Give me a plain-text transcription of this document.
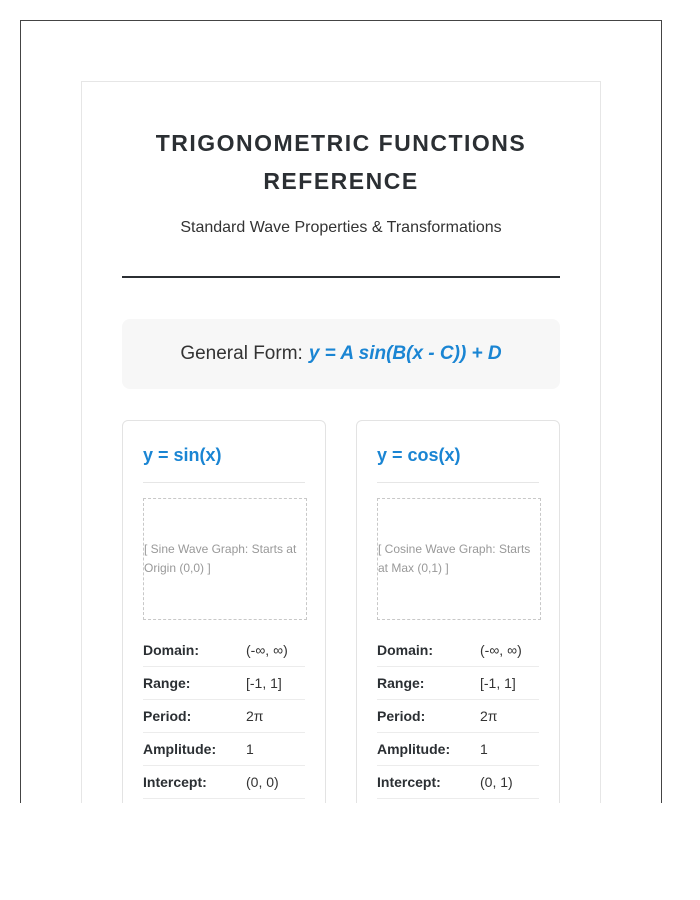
TRIGONOMETRIC FUNCTIONS REFERENCE
Standard Wave Properties & Transformations
General Form: y = A sin(B(x - C)) + D
y = sin(x)
[ Sine Wave Graph: Starts at Origin (0,0) ]
Domain:	(-∞, ∞)
Range:	[-1, 1]
Period:	2π
Amplitude:	1
Intercept:	(0, 0)
y = cos(x)
[ Cosine Wave Graph: Starts at Max (0,1) ]
Domain:	(-∞, ∞)
Range:	[-1, 1]
Period:	2π
Amplitude:	1
Intercept:	(0, 1)
